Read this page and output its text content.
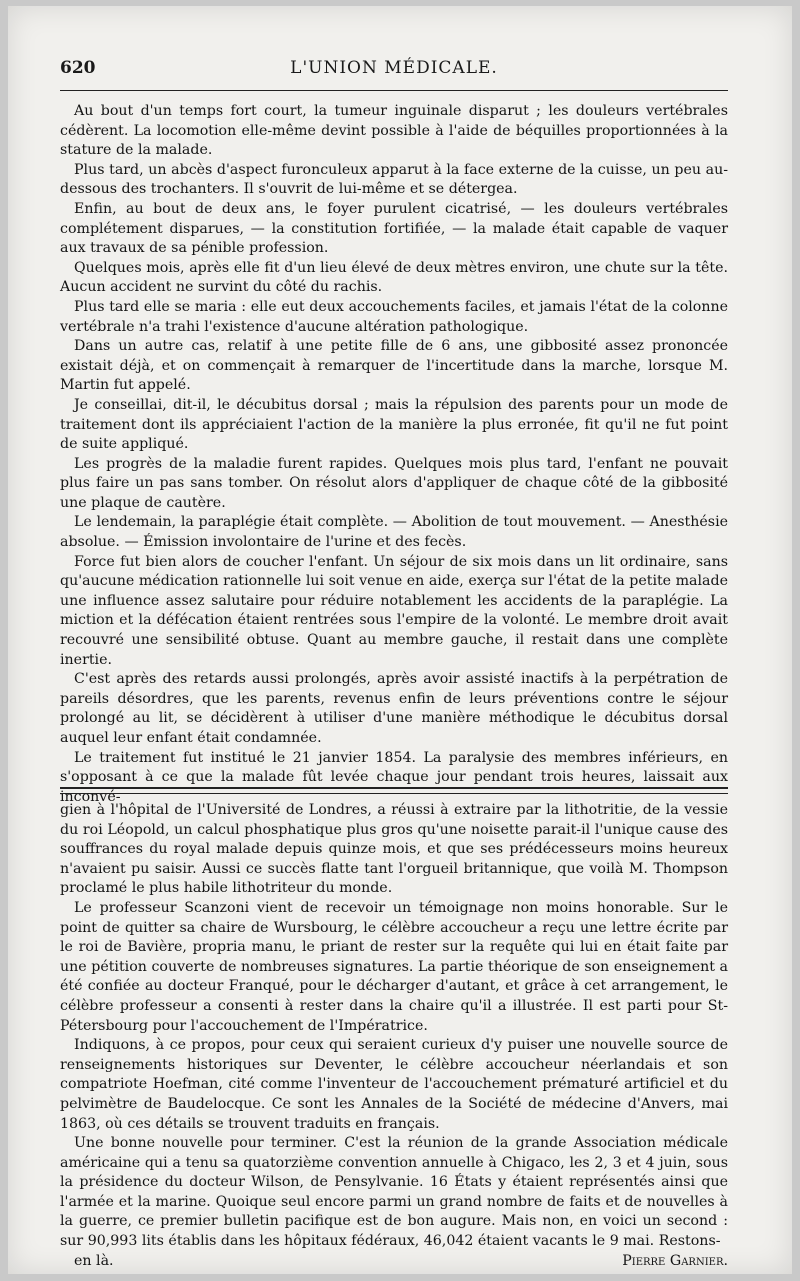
620	L'UNION MÉDICALE.

Au bout d'un temps fort court, la tumeur inguinale disparut ; les douleurs vertébrales cédèrent. La locomotion elle-même devint possible à l'aide de béquilles proportionnées à la stature de la malade.

Plus tard, un abcès d'aspect furonculeux apparut à la face externe de la cuisse, un peu au-dessous des trochanters. Il s'ouvrit de lui-même et se détergea.

Enfin, au bout de deux ans, le foyer purulent cicatrisé, — les douleurs vertébrales complétement disparues, — la constitution fortifiée, — la malade était capable de vaquer aux travaux de sa pénible profession.

Quelques mois, après elle fit d'un lieu élevé de deux mètres environ, une chute sur la tête. Aucun accident ne survint du côté du rachis.

Plus tard elle se maria : elle eut deux accouchements faciles, et jamais l'état de la colonne vertébrale n'a trahi l'existence d'aucune altération pathologique.

Dans un autre cas, relatif à une petite fille de 6 ans, une gibbosité assez prononcée existait déjà, et on commençait à remarquer de l'incertitude dans la marche, lorsque M. Martin fut appelé.

Je conseillai, dit-il, le décubitus dorsal ; mais la répulsion des parents pour un mode de traitement dont ils appréciaient l'action de la manière la plus erronée, fit qu'il ne fut point de suite appliqué.

Les progrès de la maladie furent rapides. Quelques mois plus tard, l'enfant ne pouvait plus faire un pas sans tomber. On résolut alors d'appliquer de chaque côté de la gibbosité une plaque de cautère.

Le lendemain, la paraplégie était complète. — Abolition de tout mouvement. — Anesthésie absolue. — Émission involontaire de l'urine et des fecès.

Force fut bien alors de coucher l'enfant. Un séjour de six mois dans un lit ordinaire, sans qu'aucune médication rationnelle lui soit venue en aide, exerça sur l'état de la petite malade une influence assez salutaire pour réduire notablement les accidents de la paraplégie. La miction et la défécation étaient rentrées sous l'empire de la volonté. Le membre droit avait recouvré une sensibilité obtuse. Quant au membre gauche, il restait dans une complète inertie.

C'est après des retards aussi prolongés, après avoir assisté inactifs à la perpétration de pareils désordres, que les parents, revenus enfin de leurs préventions contre le séjour prolongé au lit, se décidèrent à utiliser d'une manière méthodique le décubitus dorsal auquel leur enfant était condamnée.

Le traitement fut institué le 21 janvier 1854. La paralysie des membres inférieurs, en s'opposant à ce que la malade fût levée chaque jour pendant trois heures, laissait aux inconvé-

gien à l'hôpital de l'Université de Londres, a réussi à extraire par la lithotritie, de la vessie du roi Léopold, un calcul phosphatique plus gros qu'une noisette parait-il l'unique cause des souffrances du royal malade depuis quinze mois, et que ses prédécesseurs moins heureux n'avaient pu saisir. Aussi ce succès flatte tant l'orgueil britannique, que voilà M. Thompson proclamé le plus habile lithotriteur du monde.

Le professeur Scanzoni vient de recevoir un témoignage non moins honorable. Sur le point de quitter sa chaire de Wursbourg, le célèbre accoucheur a reçu une lettre écrite par le roi de Bavière, propria manu, le priant de rester sur la requête qui lui en était faite par une pétition couverte de nombreuses signatures. La partie théorique de son enseignement a été confiée au docteur Franqué, pour le décharger d'autant, et grâce à cet arrangement, le célèbre professeur a consenti à rester dans la chaire qu'il a illustrée. Il est parti pour St-Pétersbourg pour l'accouchement de l'Impératrice.

Indiquons, à ce propos, pour ceux qui seraient curieux d'y puiser une nouvelle source de renseignements historiques sur Deventer, le célèbre accoucheur néerlandais et son compatriote Hoefman, cité comme l'inventeur de l'accouchement prématuré artificiel et du pelvimètre de Baudelocque. Ce sont les Annales de la Société de médecine d'Anvers, mai 1863, où ces détails se trouvent traduits en français.

Une bonne nouvelle pour terminer. C'est la réunion de la grande Association médicale américaine qui a tenu sa quatorzième convention annuelle à Chigaco, les 2, 3 et 4 juin, sous la présidence du docteur Wilson, de Pensylvanie. 16 États y étaient représentés ainsi que l'armée et la marine. Quoique seul encore parmi un grand nombre de faits et de nouvelles à la guerre, ce premier bulletin pacifique est de bon augure. Mais non, en voici un second : sur 90,993 lits établis dans les hôpitaux fédéraux, 46,042 étaient vacants le 9 mai. Restons-

en là.	Pierre Garnier.
